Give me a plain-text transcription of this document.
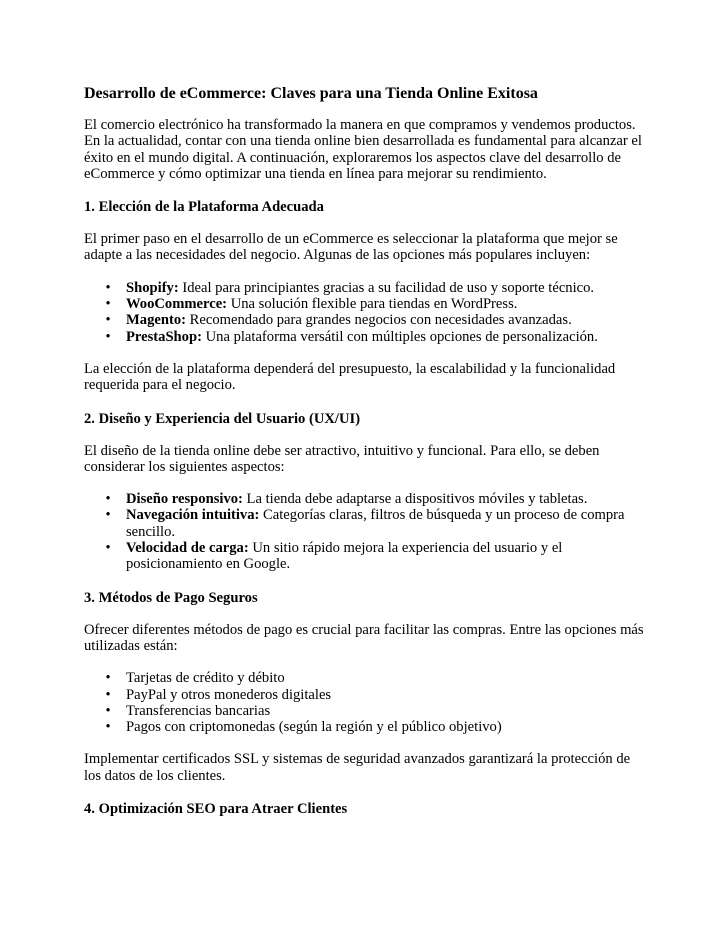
Desarrollo de eCommerce: Claves para una Tienda Online Exitosa

El comercio electrónico ha transformado la manera en que compramos y vendemos productos. En la actualidad, contar con una tienda online bien desarrollada es fundamental para alcanzar el éxito en el mundo digital. A continuación, exploraremos los aspectos clave del desarrollo de eCommerce y cómo optimizar una tienda en línea para mejorar su rendimiento.

1. Elección de la Plataforma Adecuada

El primer paso en el desarrollo de un eCommerce es seleccionar la plataforma que mejor se adapte a las necesidades del negocio. Algunas de las opciones más populares incluyen:

• Shopify: Ideal para principiantes gracias a su facilidad de uso y soporte técnico.
• WooCommerce: Una solución flexible para tiendas en WordPress.
• Magento: Recomendado para grandes negocios con necesidades avanzadas.
• PrestaShop: Una plataforma versátil con múltiples opciones de personalización.

La elección de la plataforma dependerá del presupuesto, la escalabilidad y la funcionalidad requerida para el negocio.

2. Diseño y Experiencia del Usuario (UX/UI)

El diseño de la tienda online debe ser atractivo, intuitivo y funcional. Para ello, se deben considerar los siguientes aspectos:

• Diseño responsivo: La tienda debe adaptarse a dispositivos móviles y tabletas.
• Navegación intuitiva: Categorías claras, filtros de búsqueda y un proceso de compra sencillo.
• Velocidad de carga: Un sitio rápido mejora la experiencia del usuario y el posicionamiento en Google.
3. Métodos de Pago Seguros

Ofrecer diferentes métodos de pago es crucial para facilitar las compras. Entre las opciones más utilizadas están:

• Tarjetas de crédito y débito
• PayPal y otros monederos digitales
• Transferencias bancarias
• Pagos con criptomonedas (según la región y el público objetivo)

Implementar certificados SSL y sistemas de seguridad avanzados garantizará la protección de los datos de los clientes.

4. Optimización SEO para Atraer Clientes
